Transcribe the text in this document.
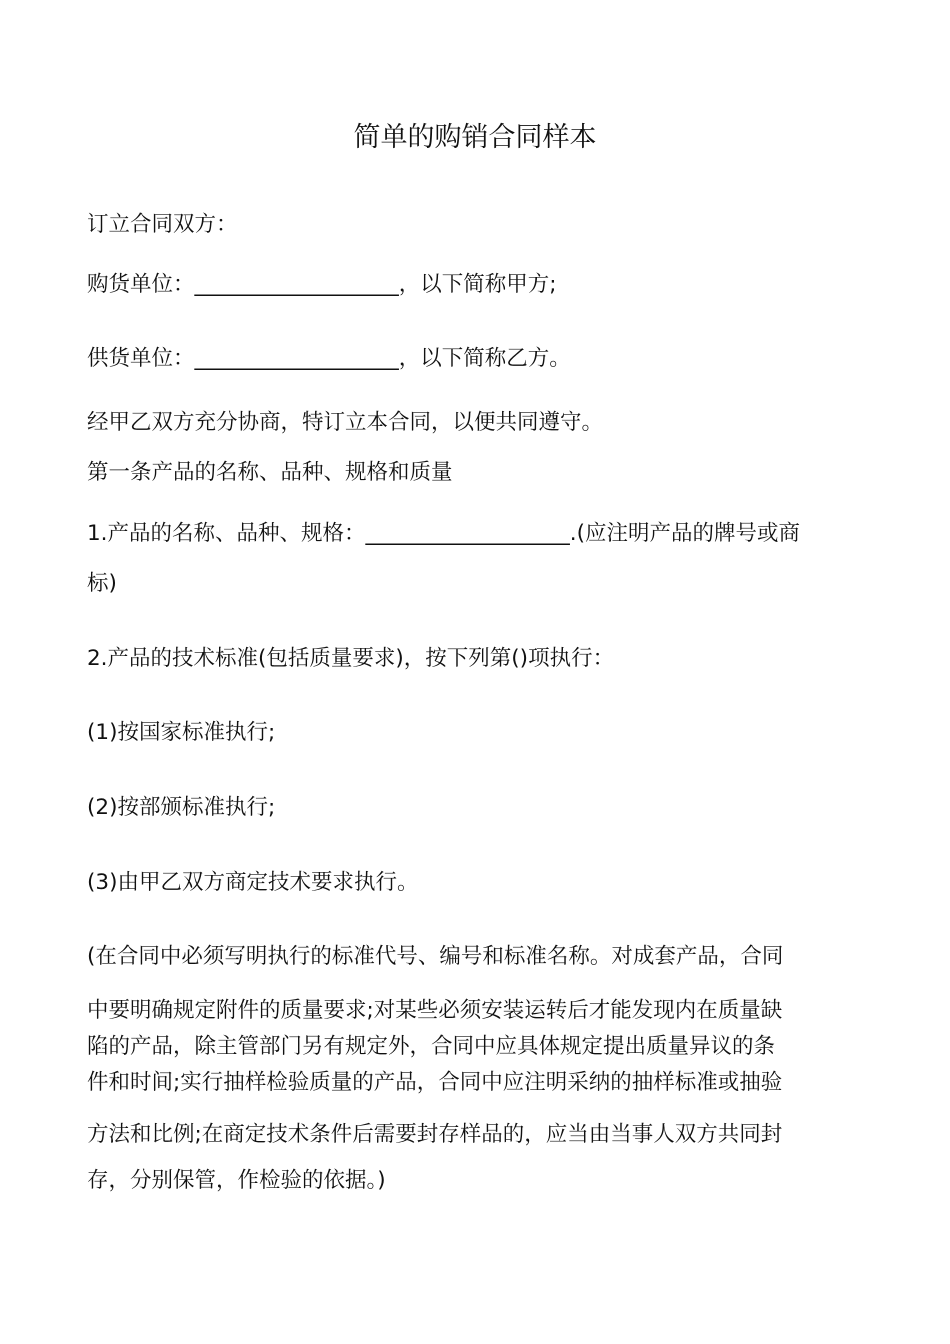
简单的购销合同样本
订立合同双方：
购货单位：___________________，以下简称甲方;
供货单位：___________________，以下简称乙方。
经甲乙双方充分协商，特订立本合同，以便共同遵守。
第一条产品的名称、品种、规格和质量
1.产品的名称、品种、规格：___________________.(应注明产品的牌号或商
标)
2.产品的技术标准(包括质量要求)，按下列第()项执行：
(1)按国家标准执行;
(2)按部颁标准执行;
(3)由甲乙双方商定技术要求执行。
(在合同中必须写明执行的标准代号、编号和标准名称。对成套产品，合同
中要明确规定附件的质量要求;对某些必须安装运转后才能发现内在质量缺
陷的产品，除主管部门另有规定外，合同中应具体规定提出质量异议的条
件和时间;实行抽样检验质量的产品，合同中应注明采纳的抽样标准或抽验
方法和比例;在商定技术条件后需要封存样品的，应当由当事人双方共同封
存，分别保管，作检验的依据。)
